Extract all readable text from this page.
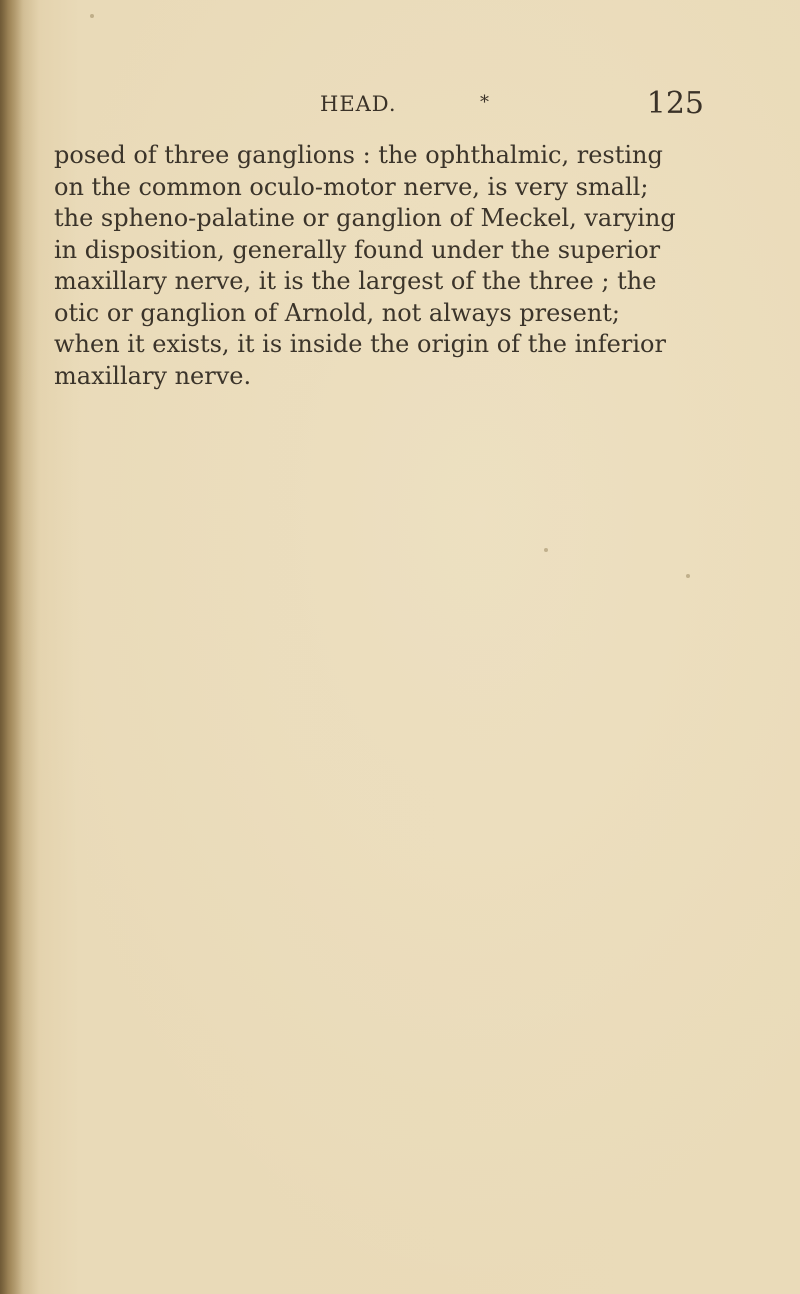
HEAD.	*	125
posed of three ganglions : the ophthalmic, resting
on the common oculo-motor nerve, is very small;
the spheno-palatine or ganglion of Meckel, varying
in disposition, generally found under the superior
maxillary nerve, it is the largest of the three ; the
otic or ganglion of Arnold, not always present;
when it exists, it is inside the origin of the inferior
maxillary nerve.
